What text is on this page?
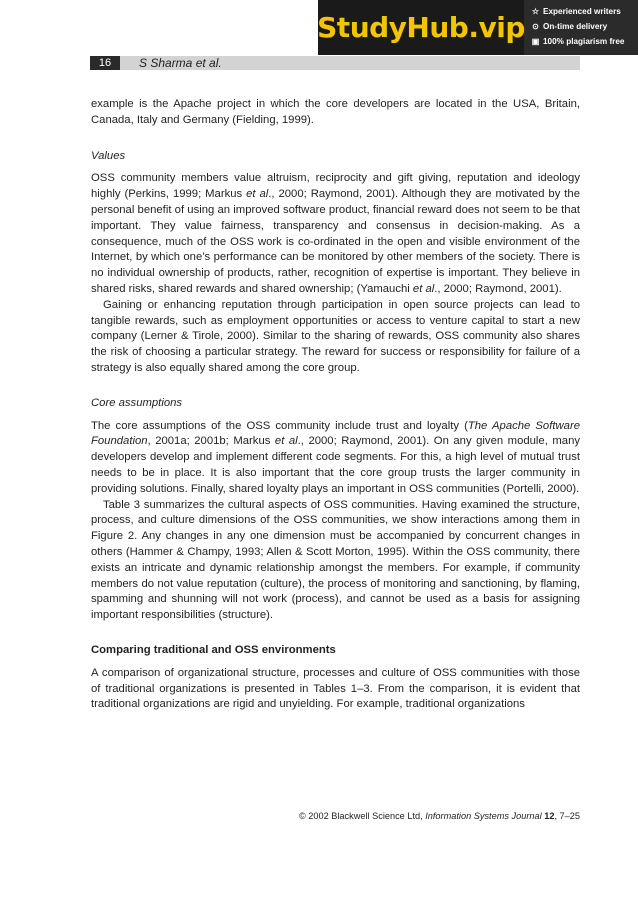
StudyHub.vip ☆ Experienced writers
⊙ On-time delivery
▣ 100% plagiarism free
16	S Sharma et al.

example is the Apache project in which the core developers are located in the USA, Britain, Canada, Italy and Germany (Fielding, 1999).

Values

OSS community members value altruism, reciprocity and gift giving, reputation and ideology highly (Perkins, 1999; Markus et al., 2000; Raymond, 2001). Although they are motivated by the personal benefit of using an improved software product, financial reward does not seem to be that important. They value fairness, transparency and consensus in decision-making. As a consequence, much of the OSS work is co-ordinated in the open and visible environment of the Internet, by which one’s performance can be monitored by other members of the society. There is no individual ownership of products, rather, recognition of expertise is important. They believe in shared risks, shared rewards and shared ownership; (Yamauchi et al., 2000; Raymond, 2001).

Gaining or enhancing reputation through participation in open source projects can lead to tangible rewards, such as employment opportunities or access to venture capital to start a new company (Lerner & Tirole, 2000). Similar to the sharing of rewards, OSS community also shares the risk of choosing a particular strategy. The reward for success or responsibility for failure of a strategy is also equally shared among the core group.

Core assumptions

The core assumptions of the OSS community include trust and loyalty (The Apache Software Foundation, 2001a; 2001b; Markus et al., 2000; Raymond, 2001). On any given module, many developers develop and implement different code segments. For this, a high level of mutual trust needs to be in place. It is also important that the core group trusts the larger community in providing solutions. Finally, shared loyalty plays an important in OSS communities (Portelli, 2000).

Table 3 summarizes the cultural aspects of OSS communities. Having examined the structure, process, and culture dimensions of the OSS communities, we show interactions among them in Figure 2. Any changes in any one dimension must be accompanied by concurrent changes in others (Hammer & Champy, 1993; Allen & Scott Morton, 1995). Within the OSS community, there exists an intricate and dynamic relationship amongst the members. For example, if community members do not value reputation (culture), the process of monitoring and sanctioning, by flaming, spamming and shunning will not work (process), and cannot be used as a basis for assigning important responsibilities (structure).

Comparing traditional and OSS environments

A comparison of organizational structure, processes and culture of OSS communities with those of traditional organizations is presented in Tables 1–3. From the comparison, it is evident that traditional organizations are rigid and unyielding. For example, traditional organizations

© 2002 Blackwell Science Ltd, Information Systems Journal 12, 7–25
